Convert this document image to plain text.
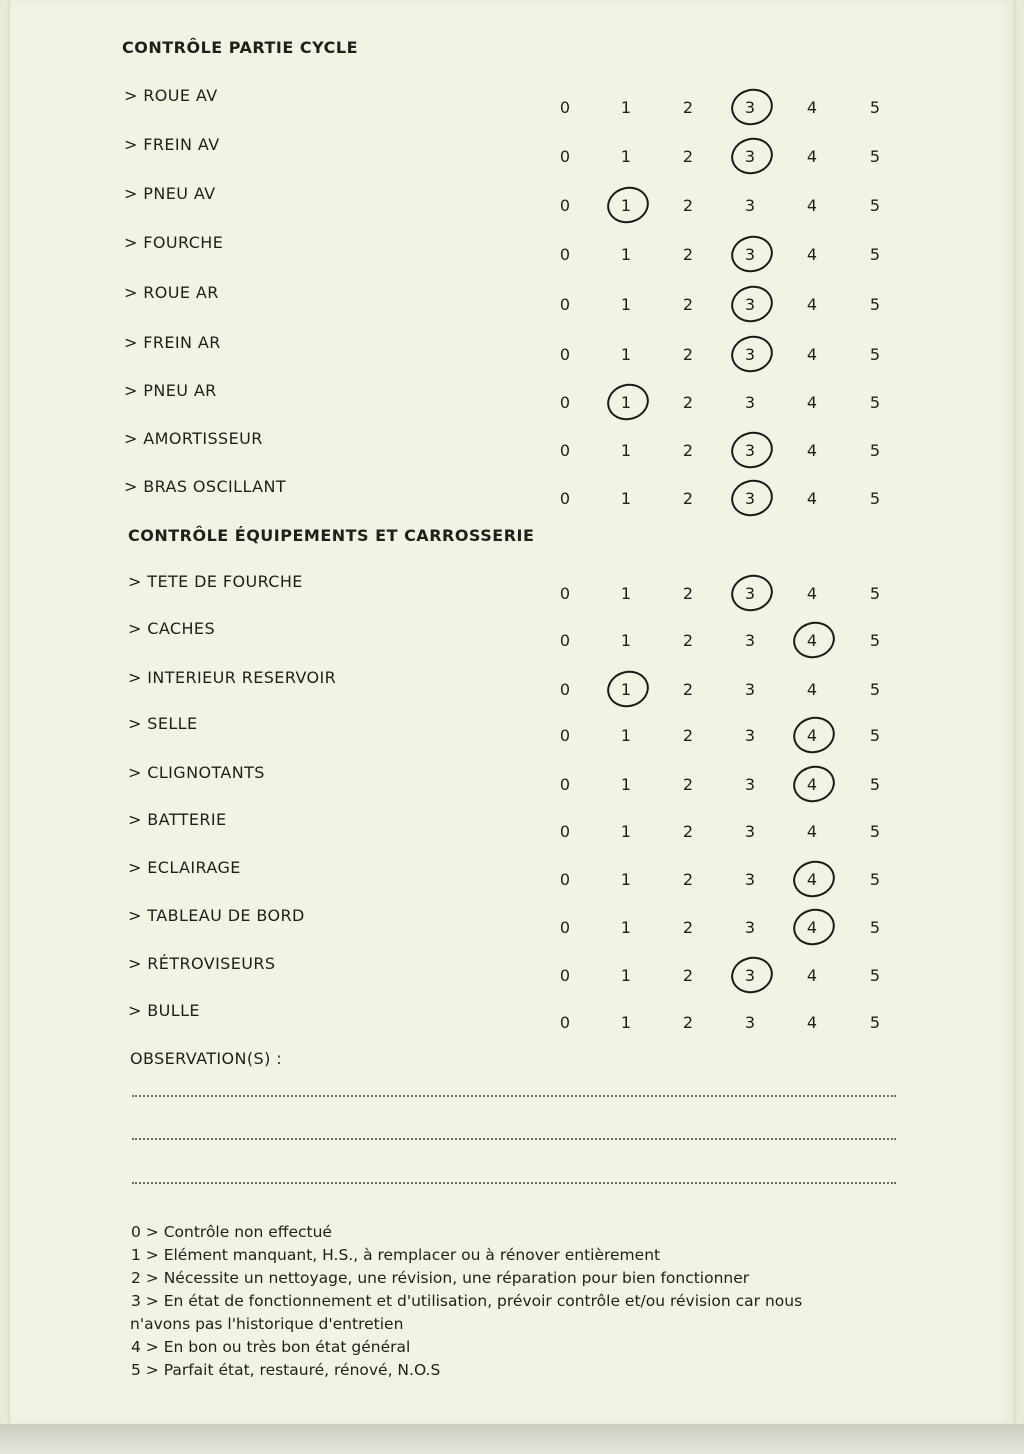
CONTRÔLE PARTIE CYCLE
> ROUE AV
0	1	2	3	4	5
> FREIN AV
0	1	2	3	4	5
> PNEU AV
0	1	2	3	4	5
> FOURCHE
0	1	2	3	4	5
> ROUE AR
0	1	2	3	4	5
> FREIN AR
0	1	2	3	4	5
> PNEU AR
0	1	2	3	4	5
> AMORTISSEUR
0	1	2	3	4	5
> BRAS OSCILLANT
0	1	2	3	4	5
CONTRÔLE ÉQUIPEMENTS ET CARROSSERIE
> TETE DE FOURCHE
0	1	2	3	4	5
> CACHES
0	1	2	3	4	5
> INTERIEUR RESERVOIR
0	1	2	3	4	5
> SELLE
0	1	2	3	4	5
> CLIGNOTANTS
0	1	2	3	4	5
> BATTERIE
0	1	2	3	4	5
> ECLAIRAGE
0	1	2	3	4	5
> TABLEAU DE BORD
0	1	2	3	4	5
> RÉTROVISEURS
0	1	2	3	4	5
> BULLE
0	1	2	3	4	5
OBSERVATION(S) :
0 > Contrôle non effectué
1 > Elément manquant, H.S., à remplacer ou à rénover entièrement
2 > Nécessite un nettoyage, une révision, une réparation pour bien fonctionner
3 > En état de fonctionnement et d'utilisation, prévoir contrôle et/ou révision car nous
n'avons pas l'historique d'entretien
4 > En bon ou très bon état général
5 > Parfait état, restauré, rénové, N.O.S
